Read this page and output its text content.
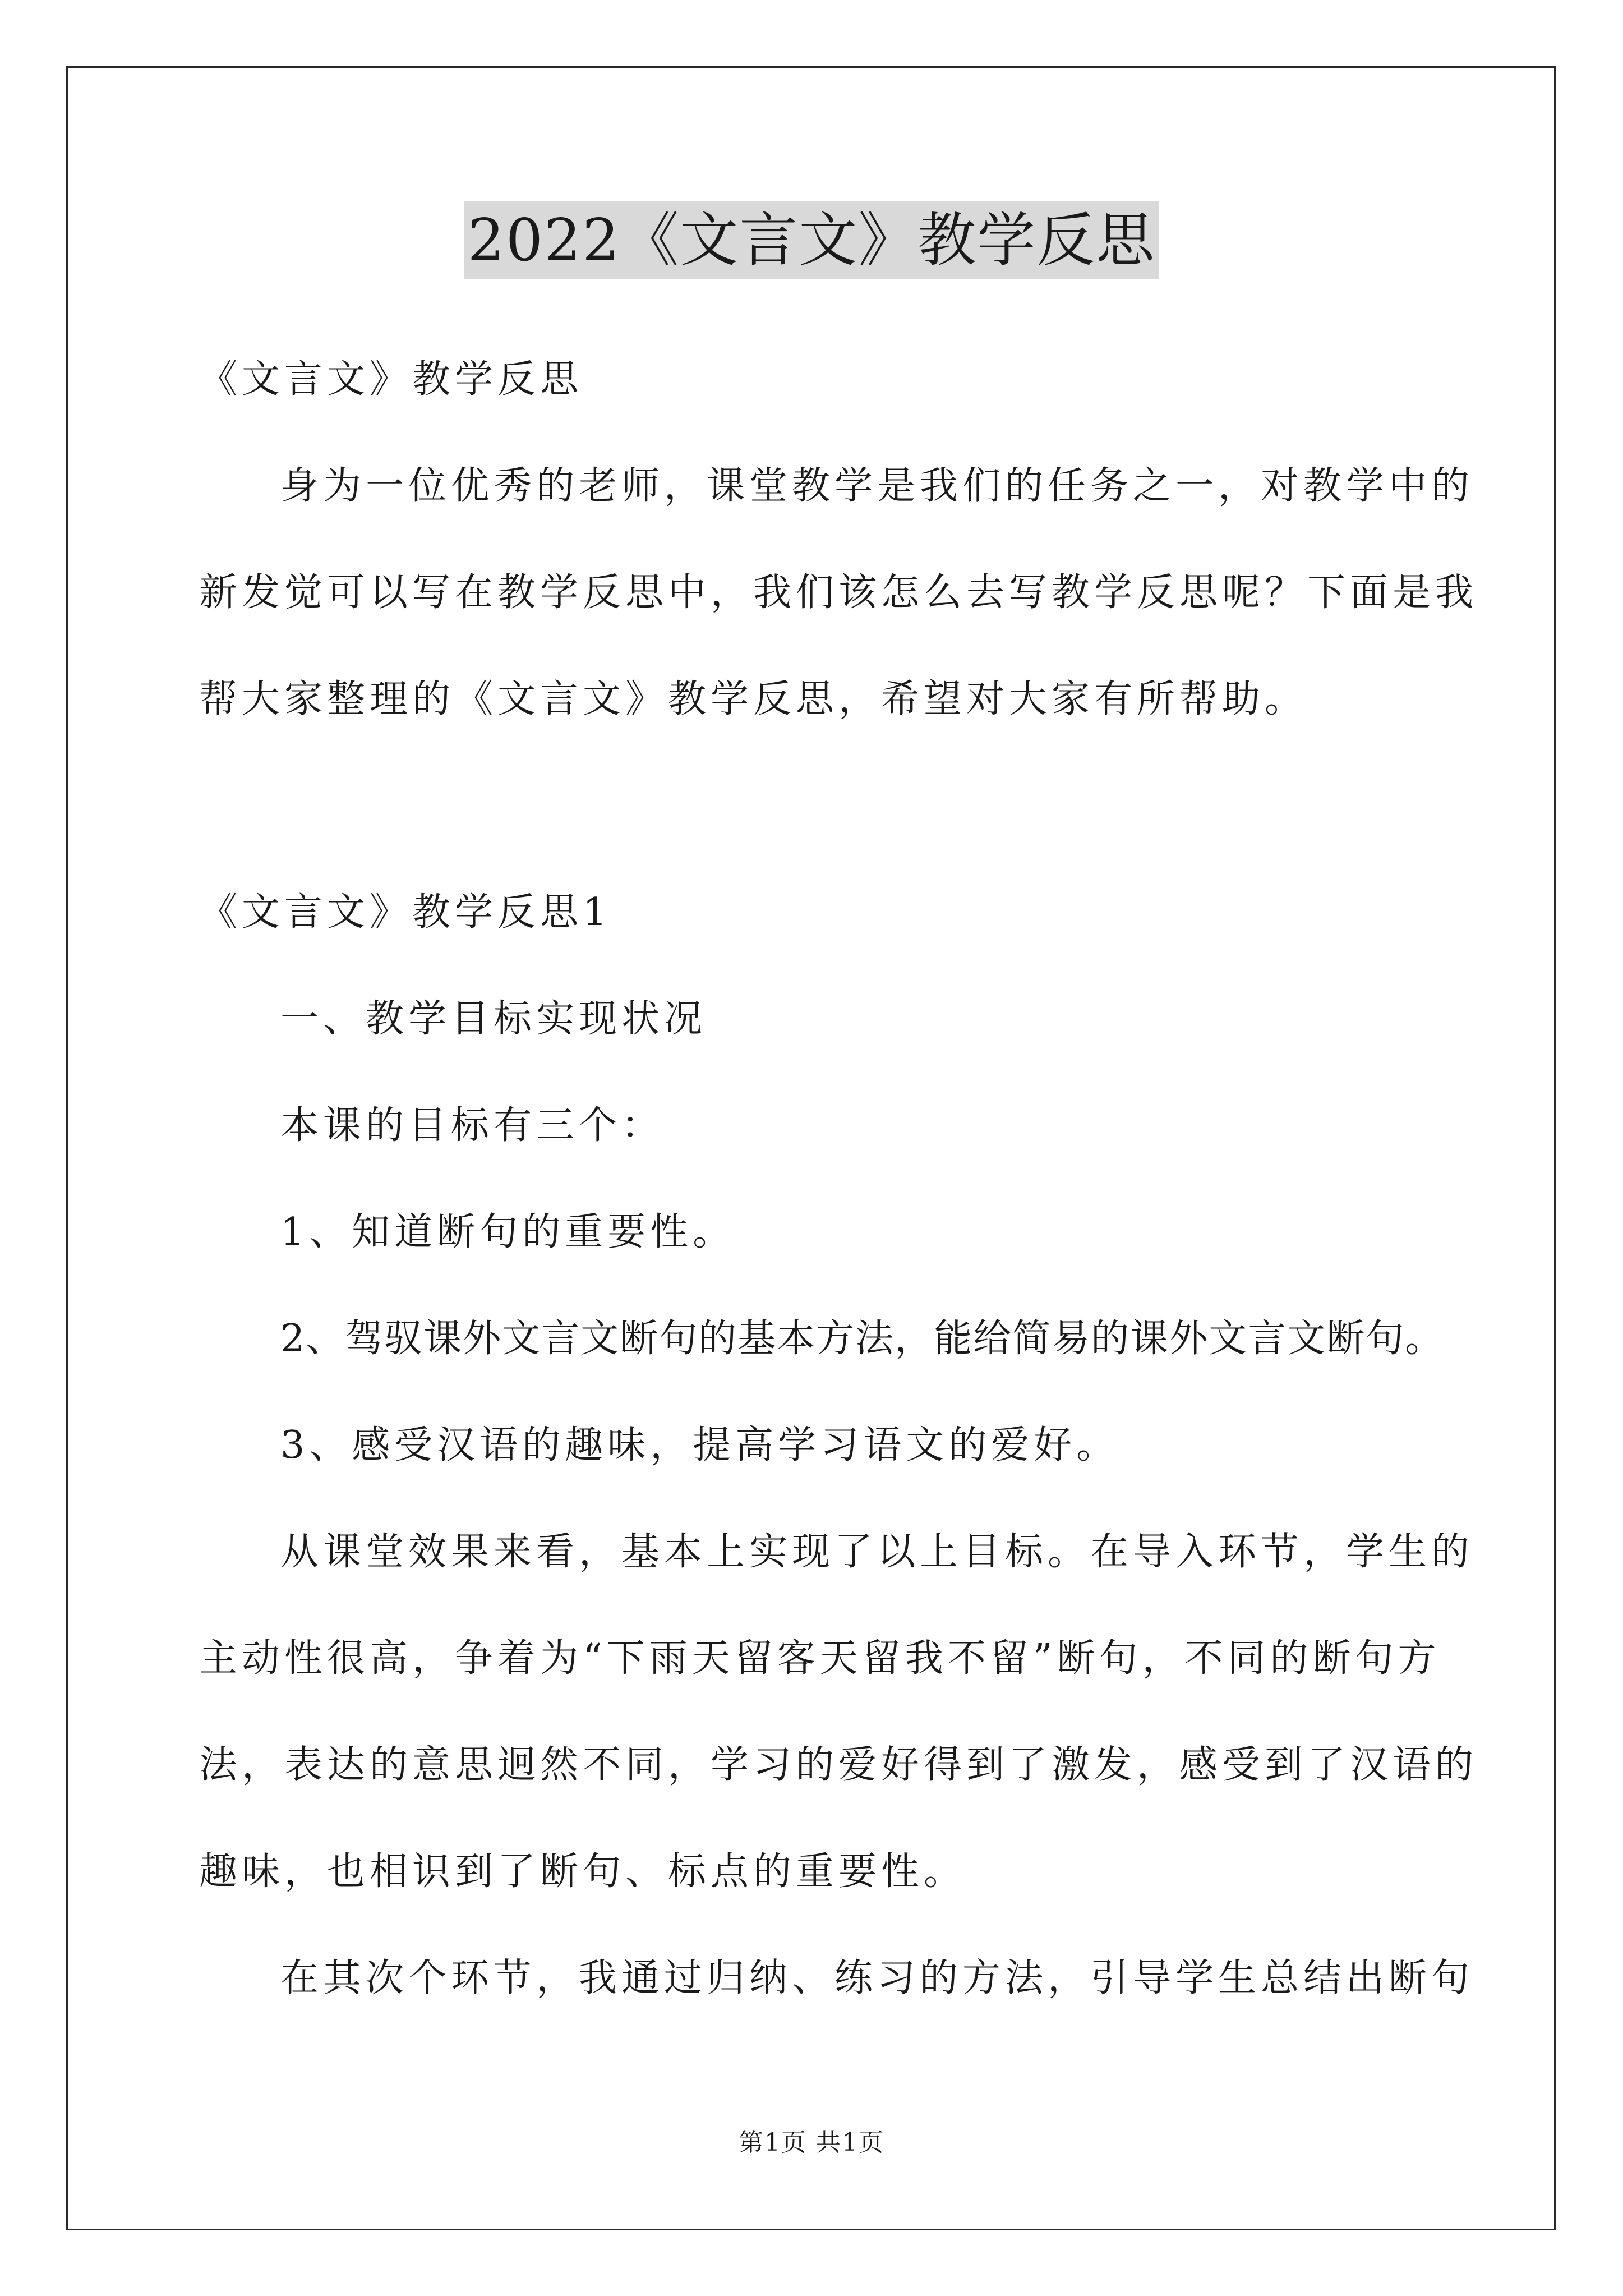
2022《文言文》教学反思
《文言文》教学反思
身为一位优秀的老师，课堂教学是我们的任务之一，对教学中的
新发觉可以写在教学反思中，我们该怎么去写教学反思呢？下面是我
帮大家整理的《文言文》教学反思，希望对大家有所帮助。
《文言文》教学反思1
一、教学目标实现状况
本课的目标有三个：
1、知道断句的重要性。
2、驾驭课外文言文断句的基本方法，能给简易的课外文言文断句。
3、感受汉语的趣味，提高学习语文的爱好。
从课堂效果来看，基本上实现了以上目标。在导入环节，学生的
主动性很高，争着为“下雨天留客天留我不留”断句，不同的断句方
法，表达的意思迥然不同，学习的爱好得到了激发，感受到了汉语的
趣味，也相识到了断句、标点的重要性。
在其次个环节，我通过归纳、练习的方法，引导学生总结出断句
第1页 共1页
